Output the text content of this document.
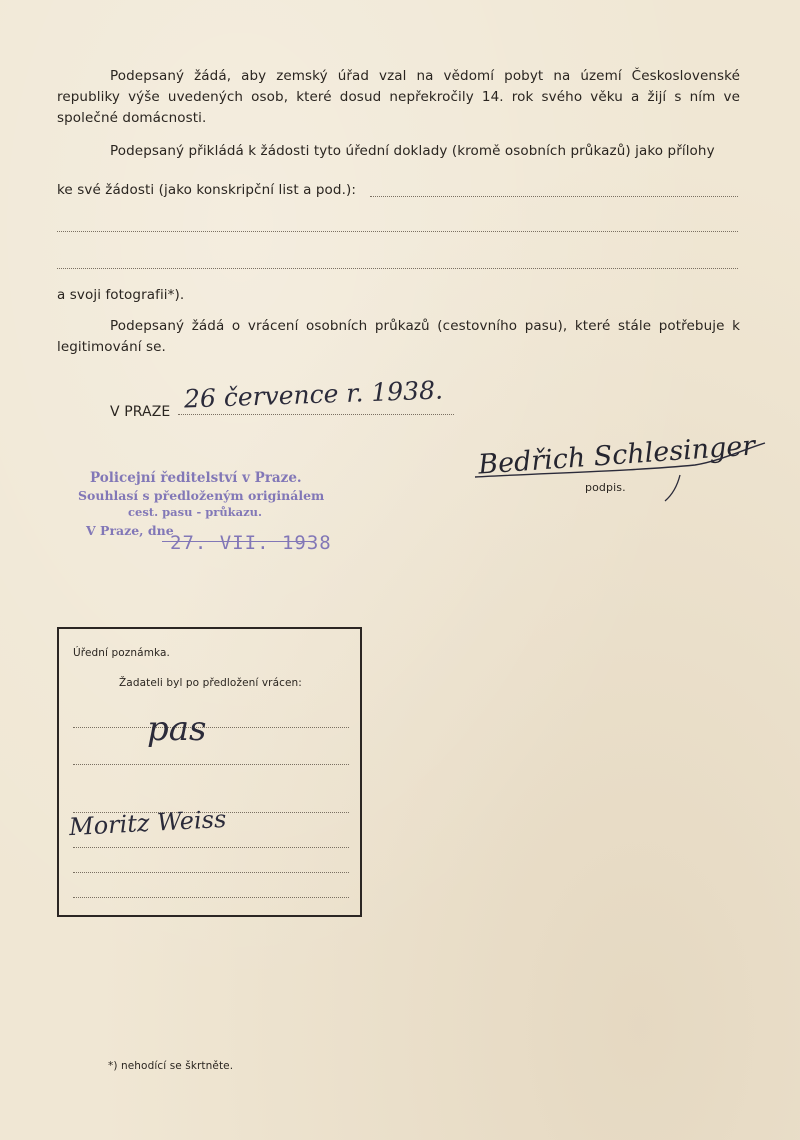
Podepsaný žádá, aby zemský úřad vzal na vědomí pobyt na území Československé republiky výše uvedených osob, které dosud nepřekročily 14. rok svého věku a žijí s ním ve společné domácnosti.
Podepsaný přikládá k žádosti tyto úřední doklady (kromě osobních průkazů) jako přílohy
ke své žádosti (jako konskripční list a pod.):
a svoji fotografii*).
Podepsaný žádá o vrácení osobních průkazů (cestovního pasu), které stále potřebuje k legitimování se.
V PRAZE 26 července r. 1938.
Bedřich Schlesinger
podpis.
Policejní ředitelství v Praze.
Souhlasí s předloženým originálem
cest. pasu - průkazu.
V Praze, dne
27. VII. 1938
Úřední poznámka.
Žadateli byl po předložení vrácen:
pas
Moritz Weiss
*) nehodící se škrtněte.
